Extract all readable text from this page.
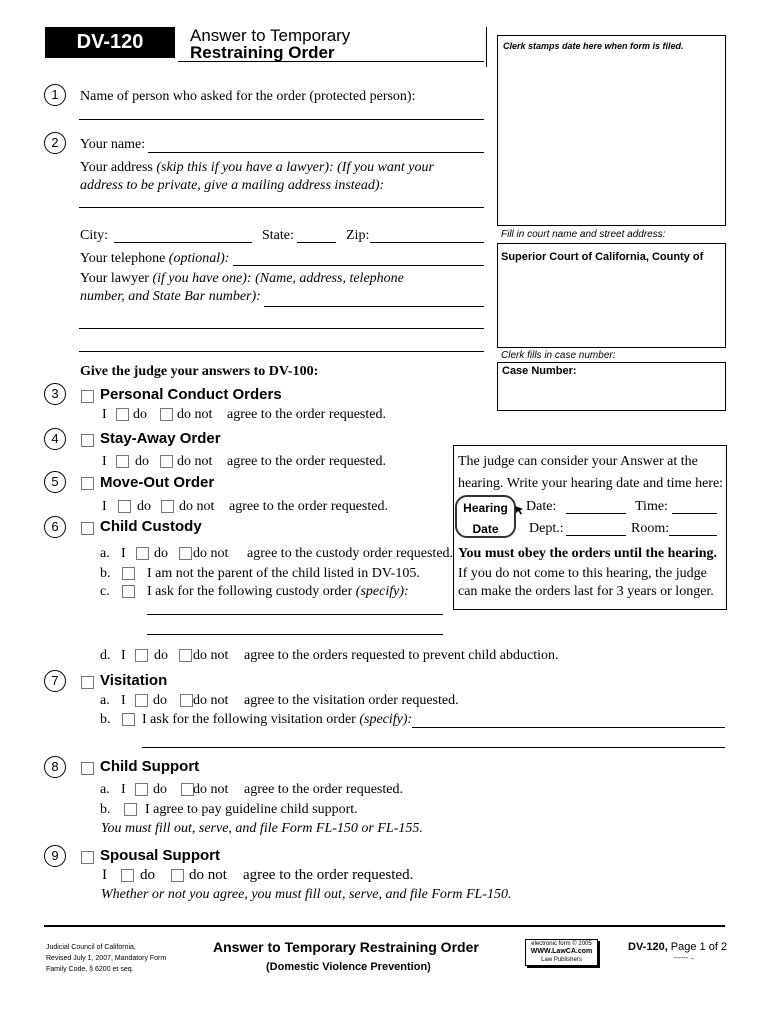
DV-120	Answer to Temporary
Restraining Order	Clerk stamps date here when form is filed.
Fill in court name and street address:
Superior Court of California, County of
Clerk fills in case number:
Case Number:
1	Name of person who asked for the order (protected person):
2	Your name:
Your address (skip this if you have a lawyer): (If you want your
address to be private, give a mailing address instead):
City:	State:	Zip:
Your telephone (optional):
Your lawyer (if you have one): (Name, address, telephone
number, and State Bar number):
Give the judge your answers to DV-100:
3	Personal Conduct Orders
I do do not agree to the order requested.
4	Stay-Away Order
I do do not agree to the order requested.
5	Move-Out Order
I do do not agree to the order requested.
6	Child Custody
a. I do do not agree to the custody order requested.
b.	I am not the parent of the child listed in DV-105.
c.	I ask for the following custody order (specify):
d. I do do not agree to the orders requested to prevent child abduction.
The judge can consider your Answer at the
hearing. Write your hearing date and time here:
Hearing
Date
Date:	Time:
Dept.:	Room:
You must obey the orders until the hearing.
If you do not come to this hearing, the judge
can make the orders last for 3 years or longer.
7	Visitation
a. I do do not agree to the visitation order requested.
b. I ask for the following visitation order (specify):
8	Child Support
a. I do do not agree to the order requested.
b. I agree to pay guideline child support.
You must fill out, serve, and file Form FL-150 or FL-155.
9	Spousal Support
I do do not agree to the order requested.
Whether or not you agree, you must fill out, serve, and file Form FL-150.
Judicial Council of California,
Revised July 1, 2007, Mandatory Form
Family Code, § 6200 et seq.
Answer to Temporary Restraining Order
(Domestic Violence Prevention)
electronic form © 2005
WWW.LawCA.com
Law Publishers
DV-120, Page 1 of 2
------→
